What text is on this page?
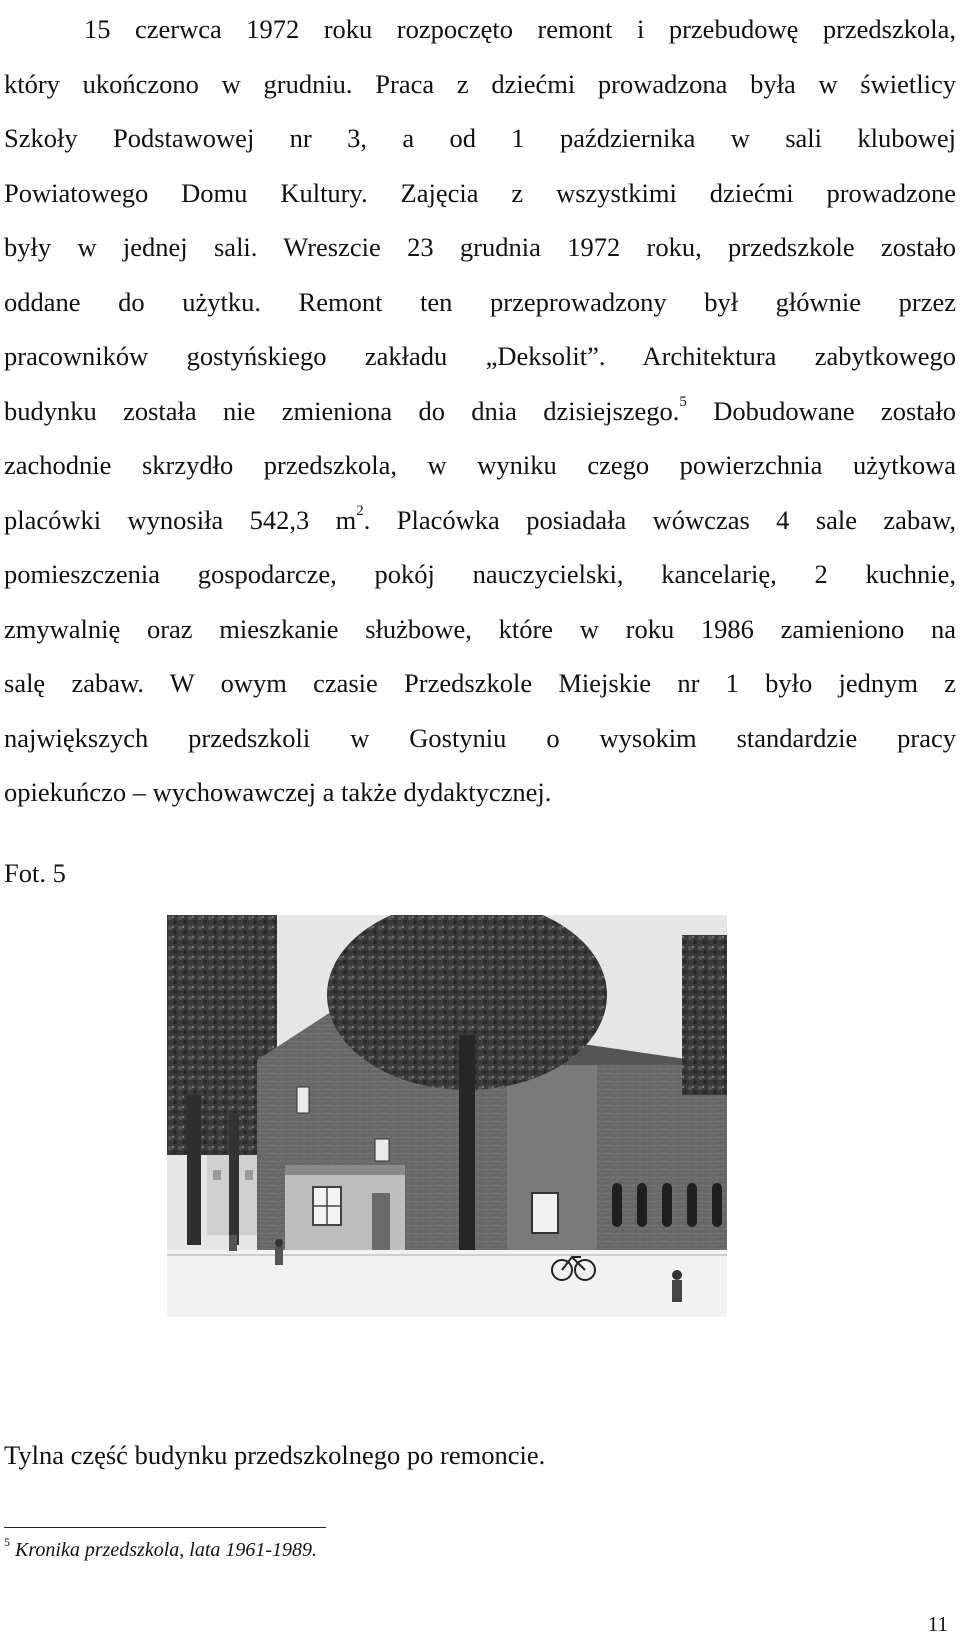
15 czerwca 1972 roku rozpoczęto remont i przebudowę przedszkola,
który ukończono w grudniu. Praca z dziećmi prowadzona była w świetlicy
Szkoły Podstawowej nr 3, a od 1 października w sali klubowej
Powiatowego Domu Kultury. Zajęcia z wszystkimi dziećmi prowadzone
były w jednej sali. Wreszcie 23 grudnia 1972 roku, przedszkole zostało
oddane do użytku. Remont ten przeprowadzony był głównie przez
pracowników gostyńskiego zakładu „Deksolit”. Architektura zabytkowego
budynku została nie zmieniona do dnia dzisiejszego.$^5$ Dobudowane zostało
zachodnie skrzydło przedszkola, w wyniku czego powierzchnia użytkowa
placówki wynosiła 542,3 $m^2$. Placówka posiadała wówczas 4 sale zabaw,
pomieszczenia gospodarcze, pokój nauczycielski, kancelarię, 2 kuchnie,
zmywalnię oraz mieszkanie służbowe, które w roku 1986 zamieniono na
salę zabaw. W owym czasie Przedszkole Miejskie nr 1 było jednym z
największych przedszkoli w Gostyniu o wysokim standardzie pracy
opiekuńczo – wychowawczej a także dydaktycznej.
Fot. 5
Tylna część budynku przedszkolnego po remoncie.
$^5$ Kronika przedszkola, lata 1961-1989.
11
